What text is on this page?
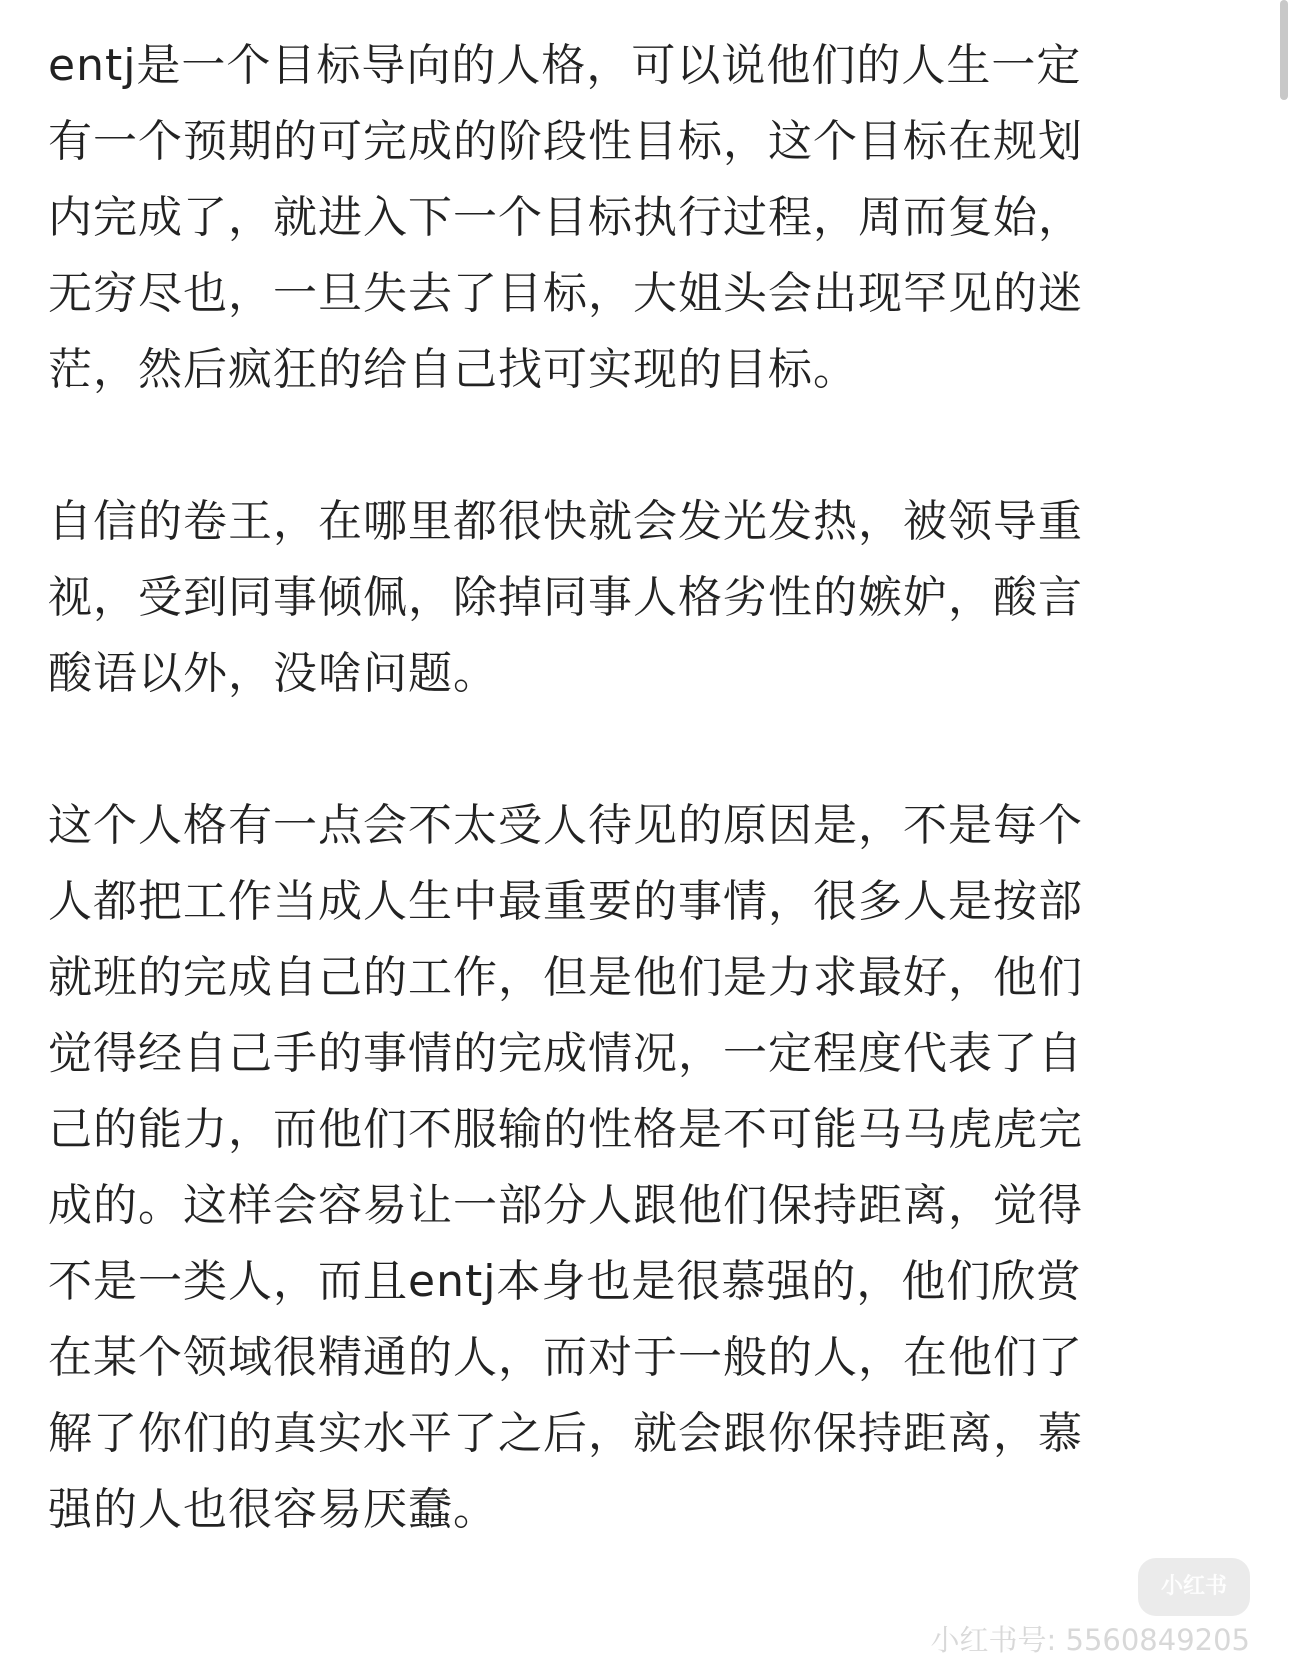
entj是一个目标导向的人格，可以说他们的人生一定
有一个预期的可完成的阶段性目标，这个目标在规划
内完成了，就进入下一个目标执行过程，周而复始，
无穷尽也，一旦失去了目标，大姐头会出现罕见的迷
茫，然后疯狂的给自己找可实现的目标。

自信的卷王，在哪里都很快就会发光发热，被领导重
视，受到同事倾佩，除掉同事人格劣性的嫉妒，酸言
酸语以外，没啥问题。

这个人格有一点会不太受人待见的原因是，不是每个
人都把工作当成人生中最重要的事情，很多人是按部
就班的完成自己的工作，但是他们是力求最好，他们
觉得经自己手的事情的完成情况，一定程度代表了自
己的能力，而他们不服输的性格是不可能马马虎虎完
成的。这样会容易让一部分人跟他们保持距离，觉得
不是一类人，而且entj本身也是很慕强的，他们欣赏
在某个领域很精通的人，而对于一般的人，在他们了
解了你们的真实水平了之后，就会跟你保持距离，慕
强的人也很容易厌蠢。

小红书
小红书号: 5560849205
